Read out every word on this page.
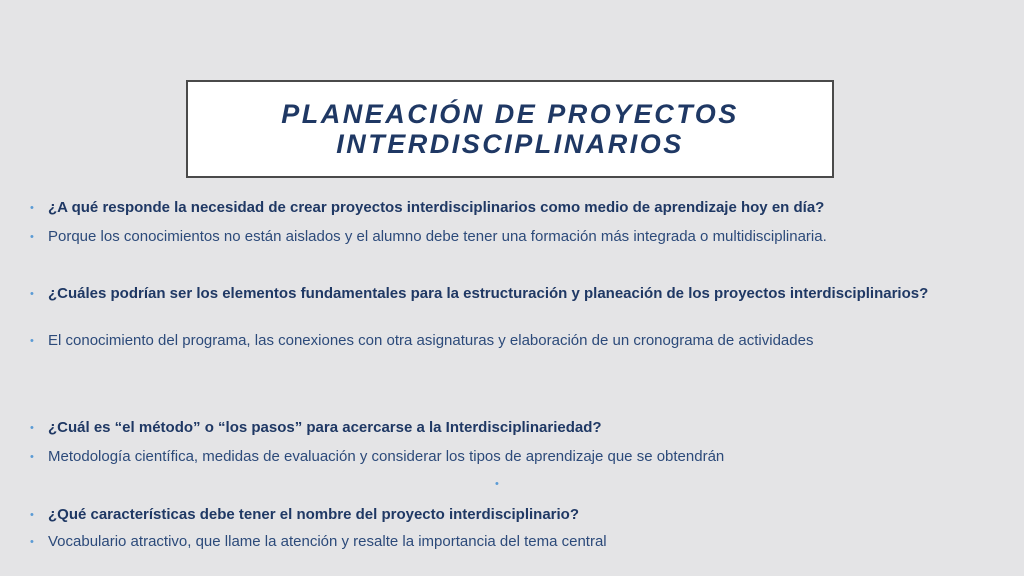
PLANEACIÓN DE PROYECTOS
INTERDISCIPLINARIOS
• ¿A qué responde la necesidad de crear proyectos interdisciplinarios como medio de aprendizaje hoy en día?
• Porque los conocimientos no están aislados y el alumno debe tener una formación más integrada o multidisciplinaria.
• ¿Cuáles podrían ser los elementos fundamentales para la estructuración y planeación de los proyectos interdisciplinarios?
• El conocimiento del programa, las conexiones con otra asignaturas y elaboración de un cronograma de actividades
• ¿Cuál es “el método” o “los pasos” para acercarse a la Interdisciplinariedad?
• Metodología científica, medidas de evaluación y considerar los tipos de aprendizaje que se obtendrán
•
• ¿Qué características debe tener el nombre del proyecto interdisciplinario?
• Vocabulario atractivo, que llame la atención y resalte la importancia del tema central
